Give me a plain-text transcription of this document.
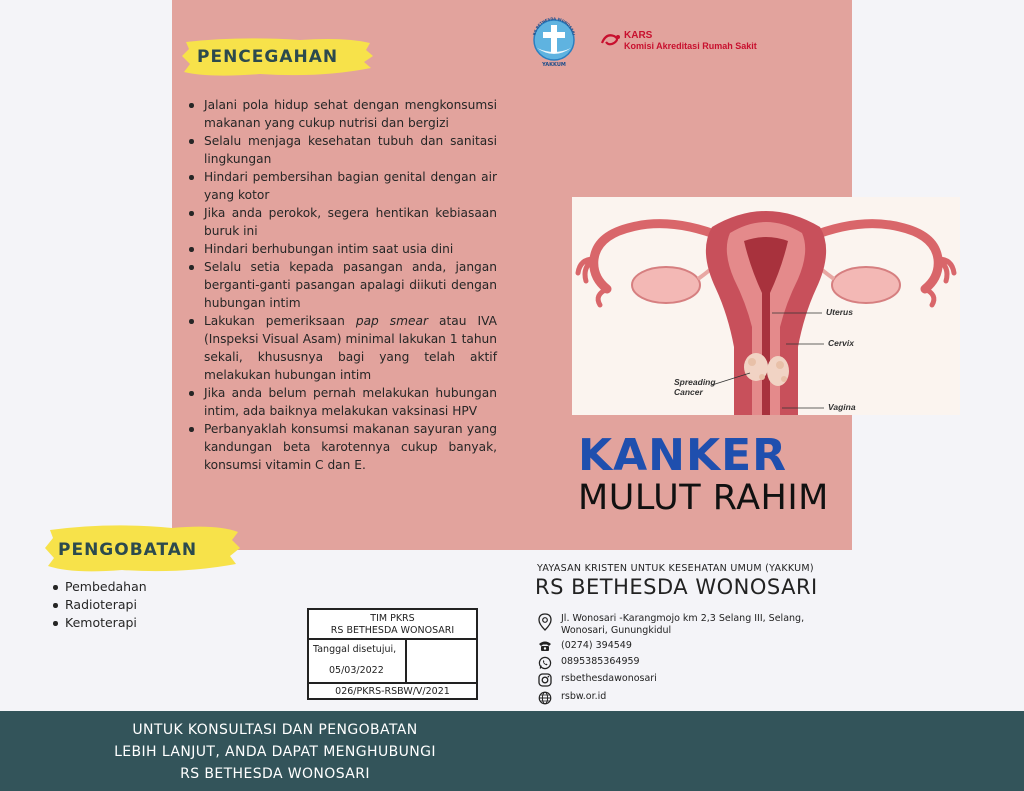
RS BETHESDA WONOSARI
YAKKUM
KARS
Komisi Akreditasi Rumah Sakit
PENCEGAHAN
Jalani pola hidup sehat dengan mengkonsumsi makanan yang cukup nutrisi dan bergizi
Selalu menjaga kesehatan tubuh dan sanitasi lingkungan
Hindari pembersihan bagian genital dengan air yang kotor
Jika anda perokok, segera hentikan kebiasaan buruk ini
Hindari berhubungan intim saat usia dini
Selalu setia kepada pasangan anda, jangan berganti-ganti pasangan apalagi diikuti dengan hubungan intim
Lakukan pemeriksaan pap smear atau IVA (Inspeksi Visual Asam) minimal lakukan 1 tahun sekali, khususnya bagi yang telah aktif melakukan hubungan intim
Jika anda belum pernah melakukan hubungan intim, ada baiknya melakukan vaksinasi HPV
Perbanyaklah konsumsi makanan sayuran yang kandungan beta karotennya cukup banyak, konsumsi vitamin C dan E.
Uterus
Cervix
Spreading
Cancer
Vagina
KANKER
MULUT RAHIM
PENGOBATAN
Pembedahan
Radioterapi
Kemoterapi	TIM PKRS
RS BETHESDA WONOSARI
Tanggal disetujui,
05/03/2022
026/PKRS-RSBW/V/2021
YAYASAN KRISTEN UNTUK KESEHATAN UMUM (YAKKUM)
RS BETHESDA WONOSARI
Jl. Wonosari -Karangmojo km 2,3 Selang III, Selang,
Wonosari, Gunungkidul
(0274) 394549
0895385364959
rsbethesdawonosari
rsbw.or.id
UNTUK KONSULTASI DAN PENGOBATAN
LEBIH LANJUT, ANDA DAPAT MENGHUBUNGI
RS BETHESDA WONOSARI
